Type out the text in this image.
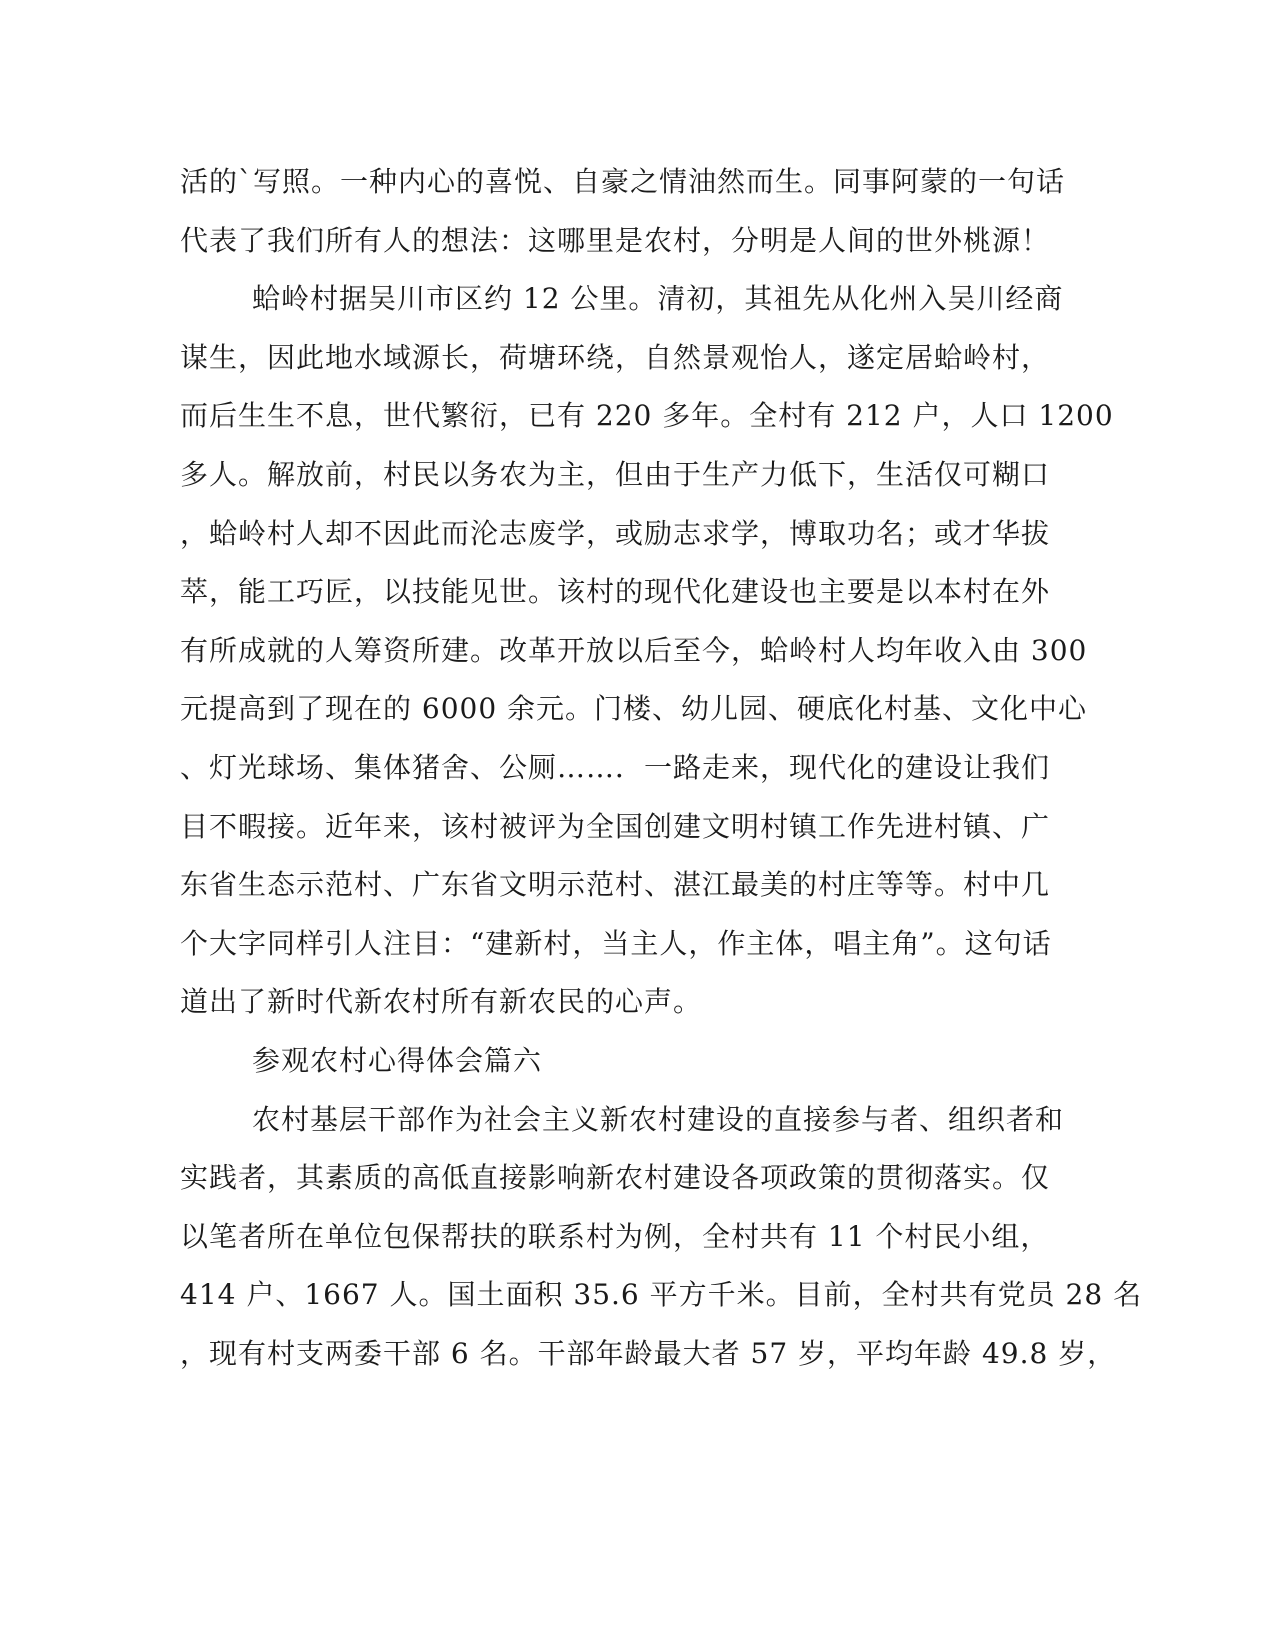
活的`写照。一种内心的喜悦、自豪之情油然而生。同事阿蒙的一句话
代表了我们所有人的想法：这哪里是农村，分明是人间的世外桃源！
蛤岭村据吴川市区约 12 公里。清初，其祖先从化州入吴川经商
谋生，因此地水域源长，荷塘环绕，自然景观怡人，遂定居蛤岭村，
而后生生不息，世代繁衍，已有 220 多年。全村有 212 户，人口 1200
多人。解放前，村民以务农为主，但由于生产力低下，生活仅可糊口
，蛤岭村人却不因此而沦志废学，或励志求学，博取功名；或才华拔
萃，能工巧匠，以技能见世。该村的现代化建设也主要是以本村在外
有所成就的人筹资所建。改革开放以后至今，蛤岭村人均年收入由 300
元提高到了现在的 6000 余元。门楼、幼儿园、硬底化村基、文化中心
、灯光球场、集体猪舍、公厕……．一路走来，现代化的建设让我们
目不暇接。近年来，该村被评为全国创建文明村镇工作先进村镇、广
东省生态示范村、广东省文明示范村、湛江最美的村庄等等。村中几
个大字同样引人注目：“建新村，当主人，作主体，唱主角”。这句话
道出了新时代新农村所有新农民的心声。
参观农村心得体会篇六
农村基层干部作为社会主义新农村建设的直接参与者、组织者和
实践者，其素质的高低直接影响新农村建设各项政策的贯彻落实。仅
以笔者所在单位包保帮扶的联系村为例，全村共有 11 个村民小组，
414 户、1667 人。国土面积 35.6 平方千米。目前，全村共有党员 28 名
，现有村支两委干部 6 名。干部年龄最大者 57 岁，平均年龄 49.8 岁，
